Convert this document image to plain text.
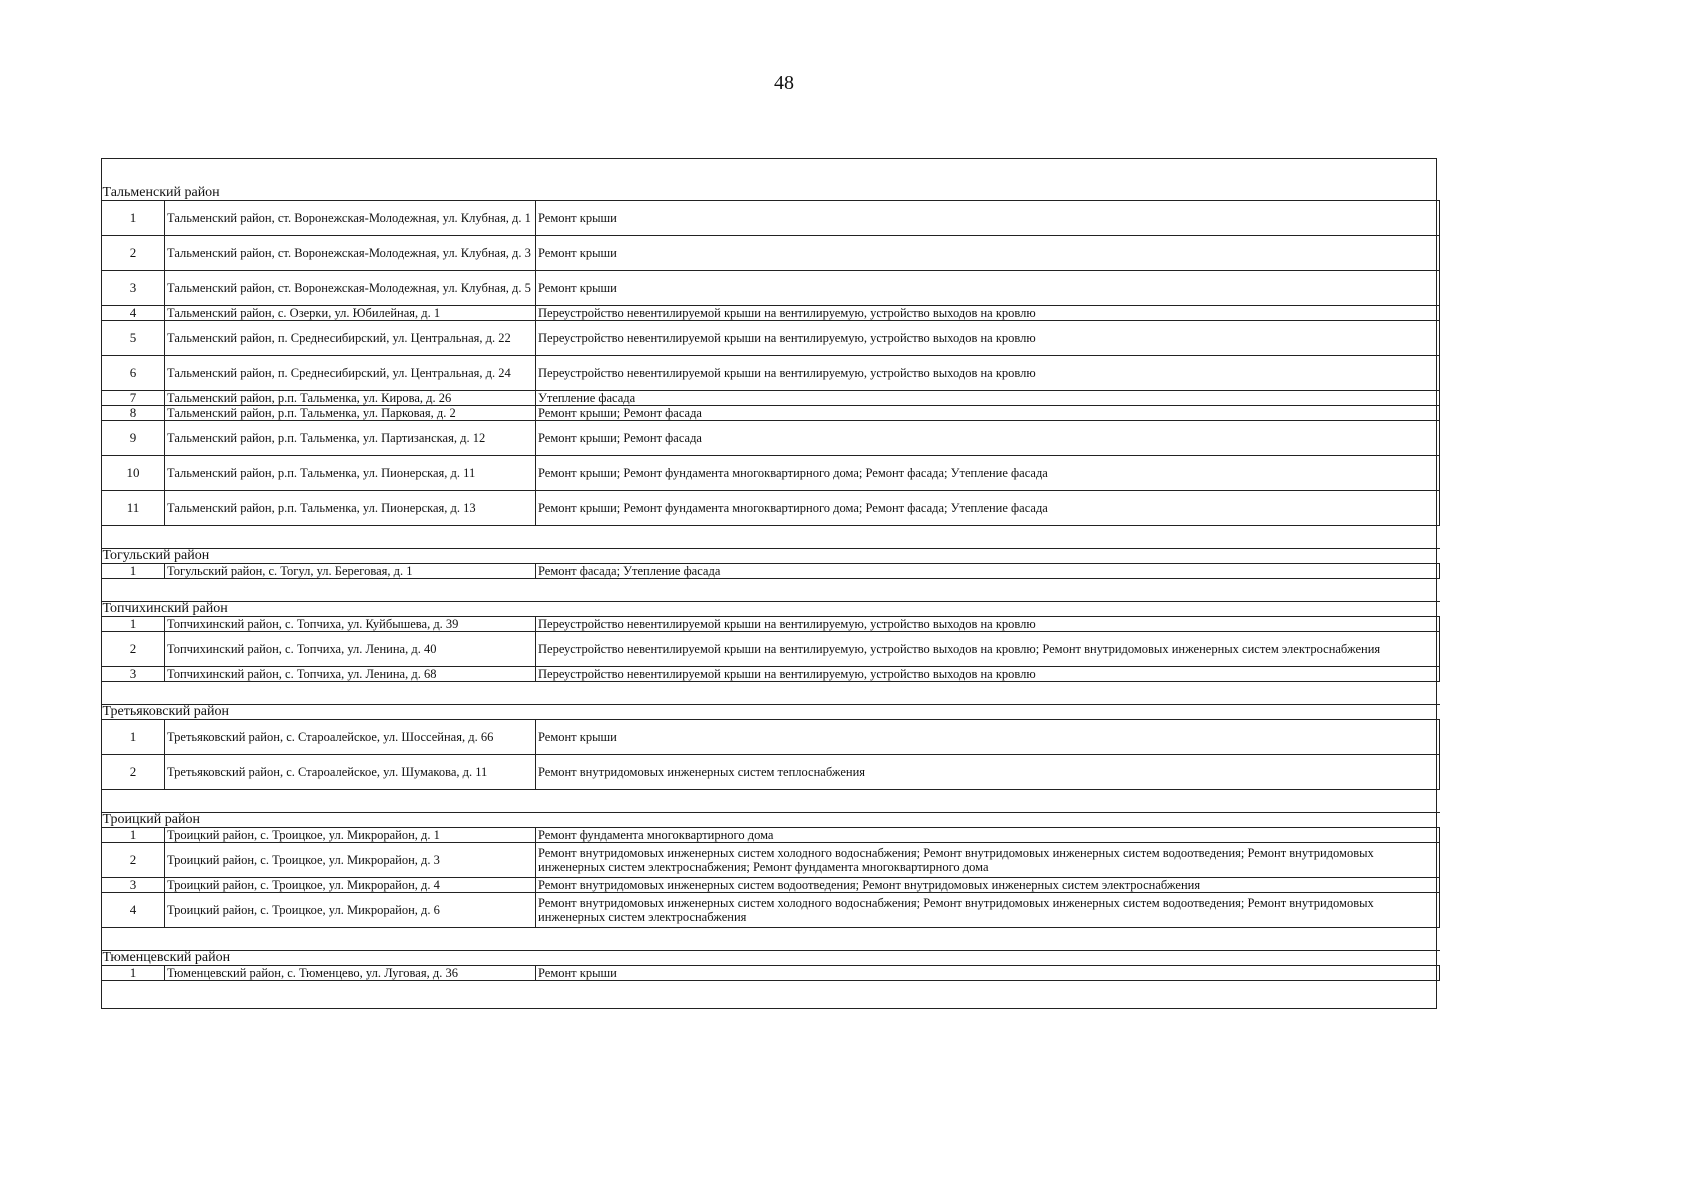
48
Тальменский район		
1	Тальменский район, ст. Воронежская-Молодежная, ул. Клубная, д. 1	Ремонт крыши
2	Тальменский район, ст. Воронежская-Молодежная, ул. Клубная, д. 3	Ремонт крыши
3	Тальменский район, ст. Воронежская-Молодежная, ул. Клубная, д. 5	Ремонт крыши
4	Тальменский район, с. Озерки, ул. Юбилейная, д. 1	Переустройство невентилируемой крыши на вентилируемую, устройство выходов на кровлю
5	Тальменский район, п. Среднесибирский, ул. Центральная, д. 22	Переустройство невентилируемой крыши на вентилируемую, устройство выходов на кровлю
6	Тальменский район, п. Среднесибирский, ул. Центральная, д. 24	Переустройство невентилируемой крыши на вентилируемую, устройство выходов на кровлю
7	Тальменский район, р.п. Тальменка, ул. Кирова, д. 26	Утепление фасада
8	Тальменский район, р.п. Тальменка, ул. Парковая, д. 2	Ремонт крыши; Ремонт фасада
9	Тальменский район, р.п. Тальменка, ул. Партизанская, д. 12	Ремонт крыши; Ремонт фасада
10	Тальменский район, р.п. Тальменка, ул. Пионерская, д. 11	Ремонт крыши; Ремонт фундамента многоквартирного дома; Ремонт фасада; Утепление фасада
11	Тальменский район, р.п. Тальменка, ул. Пионерская, д. 13	Ремонт крыши; Ремонт фундамента многоквартирного дома; Ремонт фасада; Утепление фасада

Тогульский район		
1	Тогульский район, с. Тогул, ул. Береговая, д. 1	Ремонт фасада; Утепление фасада

Топчихинский район		
1	Топчихинский район, с. Топчиха, ул. Куйбышева, д. 39	Переустройство невентилируемой крыши на вентилируемую, устройство выходов на кровлю
2	Топчихинский район, с. Топчиха, ул. Ленина, д. 40	Переустройство невентилируемой крыши на вентилируемую, устройство выходов на кровлю; Ремонт внутридомовых инженерных систем электроснабжения
3	Топчихинский район, с. Топчиха, ул. Ленина, д. 68	Переустройство невентилируемой крыши на вентилируемую, устройство выходов на кровлю

Третьяковский район		
1	Третьяковский район, с. Староалейское, ул. Шоссейная, д. 66	Ремонт крыши
2	Третьяковский район, с. Староалейское, ул. Шумакова, д. 11	Ремонт внутридомовых инженерных систем теплоснабжения

Троицкий район		
1	Троицкий район, с. Троицкое, ул. Микрорайон, д. 1	Ремонт фундамента многоквартирного дома
2	Троицкий район, с. Троицкое, ул. Микрорайон, д. 3	Ремонт внутридомовых инженерных систем холодного водоснабжения; Ремонт внутридомовых инженерных систем водоотведения; Ремонт внутридомовых инженерных систем электроснабжения; Ремонт фундамента многоквартирного дома
3	Троицкий район, с. Троицкое, ул. Микрорайон, д. 4	Ремонт внутридомовых инженерных систем водоотведения; Ремонт внутридомовых инженерных систем электроснабжения
4	Троицкий район, с. Троицкое, ул. Микрорайон, д. 6	Ремонт внутридомовых инженерных систем холодного водоснабжения; Ремонт внутридомовых инженерных систем водоотведения; Ремонт внутридомовых инженерных систем электроснабжения

Тюменцевский район		
1	Тюменцевский район, с. Тюменцево, ул. Луговая, д. 36	Ремонт крыши
